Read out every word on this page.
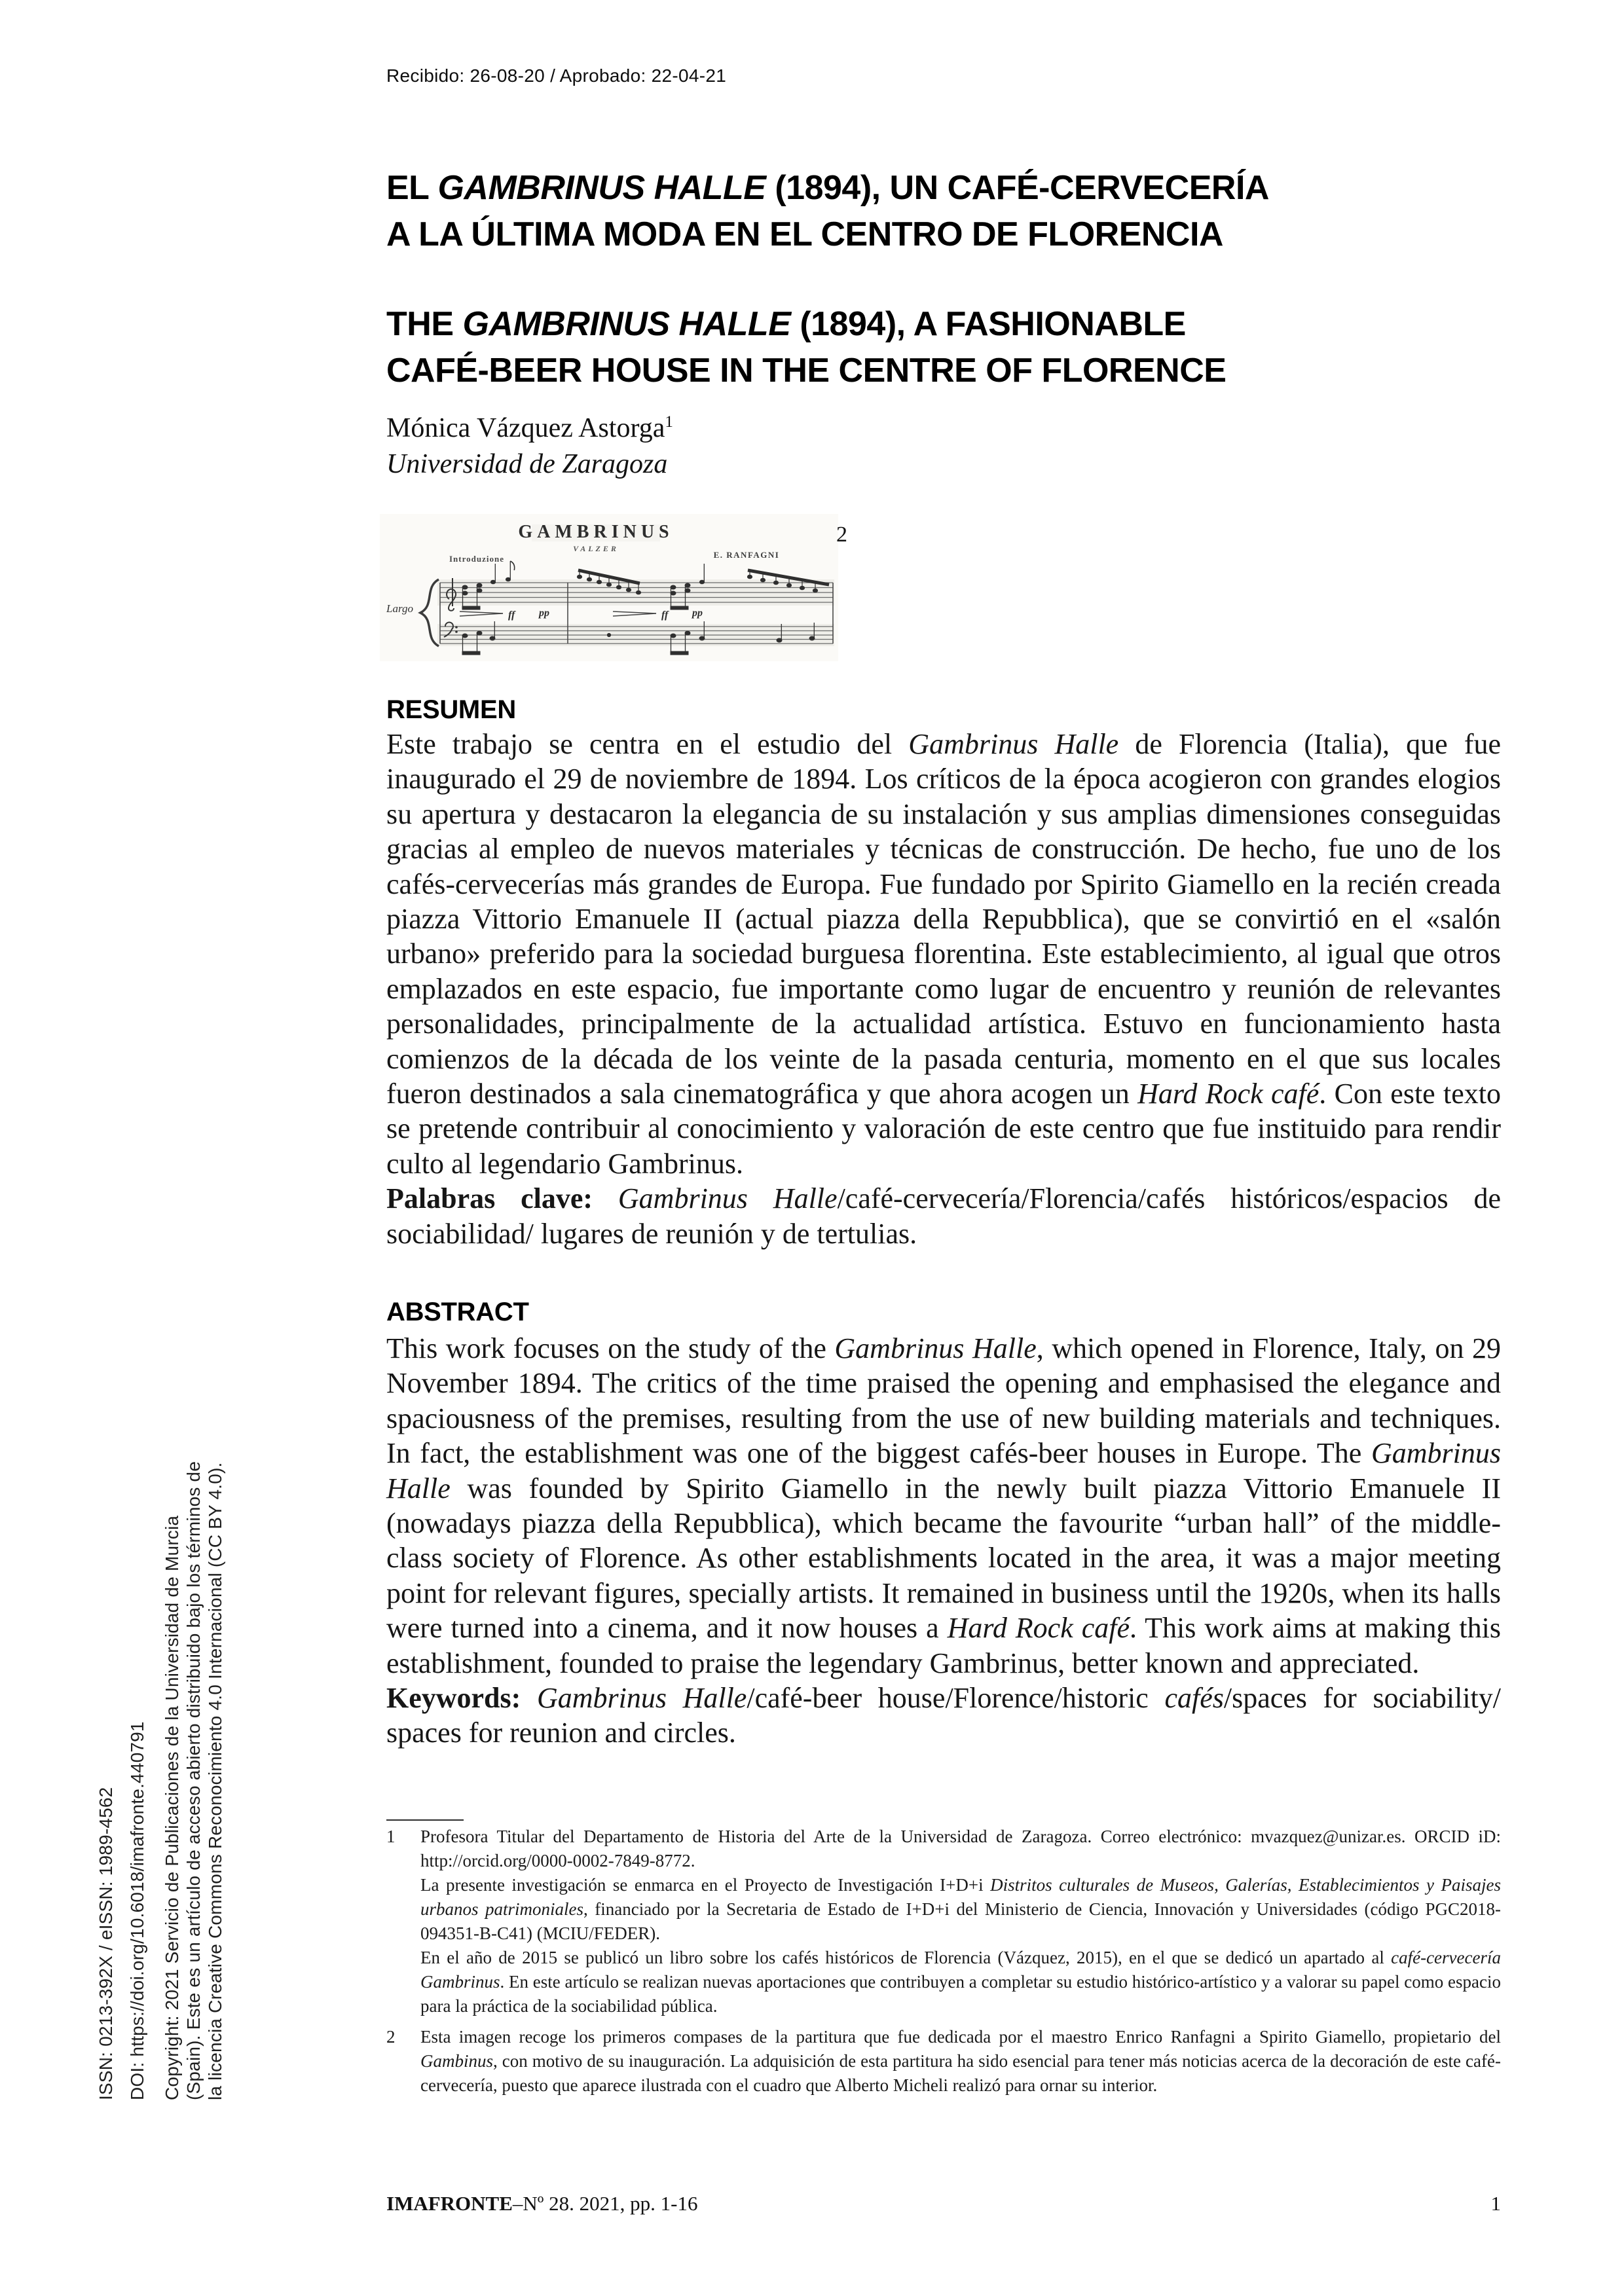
Recibido: 26-08-20 / Aprobado: 22-04-21
EL GAMBRINUS HALLE (1894), UN CAFÉ-CERVECERÍA
A LA ÚLTIMA MODA EN EL CENTRO DE FLORENCIA
THE GAMBRINUS HALLE (1894), A FASHIONABLE
CAFÉ-BEER HOUSE IN THE CENTRE OF FLORENCE
Mónica Vázquez Astorga$^1$
Universidad de Zaragoza
GAMBRINUS
VALZER
E. RANFAGNI
Introduzione
Largo
ff pp	ff pp
2
RESUMEN
Este trabajo se centra en el estudio del Gambrinus Halle de Florencia (Italia), que fue inaugurado el 29 de noviembre de 1894. Los críticos de la época acogieron con grandes elogios su apertura y destacaron la elegancia de su instalación y sus amplias dimensiones conseguidas gracias al empleo de nuevos materiales y técnicas de construcción. De hecho, fue uno de los cafés-cervecerías más grandes de Europa. Fue fundado por Spirito Giamello en la recién creada piazza Vittorio Emanuele II (actual piazza della Repubblica), que se convirtió en el «salón urbano» preferido para la sociedad burguesa florentina. Este establecimiento, al igual que otros emplazados en este espacio, fue importante como lugar de encuentro y reunión de relevantes personalidades, principalmente de la actualidad artística. Estuvo en funcionamiento hasta comienzos de la década de los veinte de la pasada centuria, momento en el que sus locales fueron destinados a sala cinematográfica y que ahora acogen un Hard Rock café. Con este texto se pretende contribuir al conocimiento y valoración de este centro que fue instituido para rendir culto al legendario Gambrinus.
Palabras clave: Gambrinus Halle/café-cervecería/Florencia/cafés históricos/espacios de sociabilidad/ lugares de reunión y de tertulias.
ABSTRACT
This work focuses on the study of the Gambrinus Halle, which opened in Florence, Italy, on 29 November 1894. The critics of the time praised the opening and emphasised the elegance and spaciousness of the premises, resulting from the use of new building materials and techniques. In fact, the establishment was one of the biggest cafés-beer houses in Europe. The Gambrinus Halle was founded by Spirito Giamello in the newly built piazza Vittorio Emanuele II (nowadays piazza della Repubblica), which became the favourite “urban hall” of the middle-class society of Florence. As other establishments located in the area, it was a major meeting point for relevant figures, specially artists. It remained in business until the 1920s, when its halls were turned into a cinema, and it now houses a Hard Rock café. This work aims at making this establishment, founded to praise the legendary Gambrinus, better known and appreciated.
Keywords: Gambrinus Halle/café-beer house/Florence/historic cafés/spaces for sociability/ spaces for reunion and circles.
1	Profesora Titular del Departamento de Historia del Arte de la Universidad de Zaragoza. Correo electrónico: mvazquez@unizar.es. ORCID iD: http://orcid.org/0000-0002-7849-8772.
La presente investigación se enmarca en el Proyecto de Investigación I+D+i Distritos culturales de Museos, Galerías, Establecimientos y Paisajes urbanos patrimoniales, financiado por la Secretaria de Estado de I+D+i del Ministerio de Ciencia, Innovación y Universidades (código PGC2018-094351-B-C41) (MCIU/FEDER).
En el año de 2015 se publicó un libro sobre los cafés históricos de Florencia (Vázquez, 2015), en el que se dedicó un apartado al café-cervecería Gambrinus. En este artículo se realizan nuevas aportaciones que contribuyen a completar su estudio histórico-artístico y a valorar su papel como espacio para la práctica de la sociabilidad pública.
2	Esta imagen recoge los primeros compases de la partitura que fue dedicada por el maestro Enrico Ranfagni a Spirito Giamello, propietario del Gambinus, con motivo de su inauguración. La adquisición de esta partitura ha sido esencial para tener más noticias acerca de la decoración de este café-cervecería, puesto que aparece ilustrada con el cuadro que Alberto Micheli realizó para ornar su interior.
ISSN: 0213-392X / eISSN: 1989-4562 DOI: https://doi.org/10.6018/imafronte.440791 Copyright: 2021 Servicio de Publicaciones de la Universidad de Murcia (Spain). Este es un artículo de acceso abierto distribuido bajo los términos de la licencia Creative Commons Reconocimiento 4.0 Internacional (CC BY 4.0).
IMAFRONTE–Nº 28. 2021, pp. 1-16	1
